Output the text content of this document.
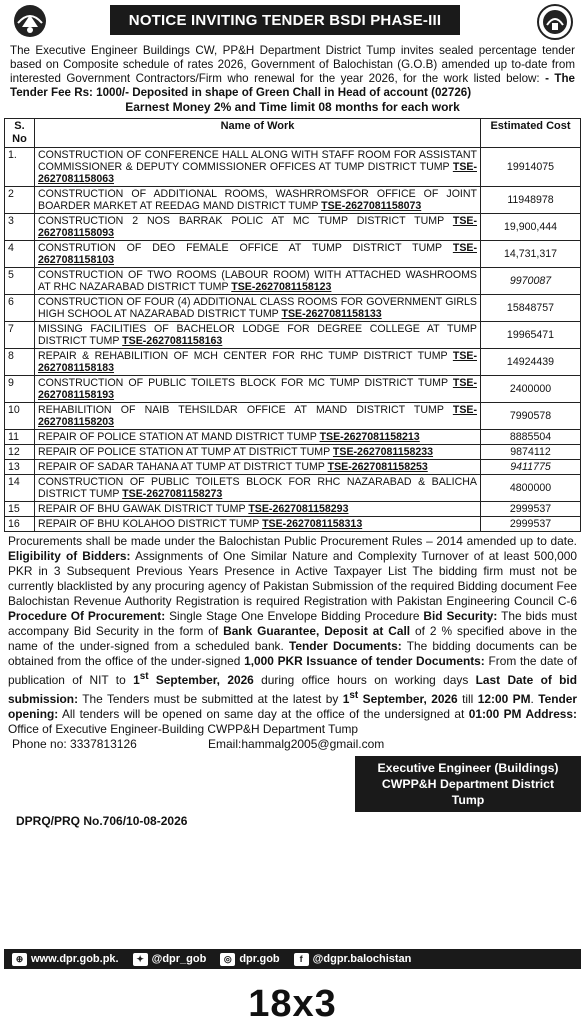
NOTICE INVITING TENDER BSDI PHASE-III
The Executive Engineer Buildings CW, PP&H Department District Tump invites sealed percentage tender based on Composite schedule of rates 2026, Government of Balochistan (G.O.B) amended up to-date from interested Government Contractors/Firm who renewal for the year 2026, for the work listed below: - The Tender Fee Rs: 1000/- Deposited in shape of Green Chall in Head of account (02726)
Earnest Money 2% and Time limit 08 months for each work
S. No	Name of Work	Estimated Cost
1.	CONSTRUCTION OF CONFERENCE HALL ALONG WITH STAFF ROOM FOR ASSISTANT COMMISSIONER & DEPUTY COMMISSIONER OFFICES AT TUMP DISTRICT TUMP TSE-2627081158063	19914075
2	CONSTRUCTION OF ADDITIONAL ROOMS, WASHRROMSFOR OFFICE OF JOINT BOARDER MARKET AT REEDAG MAND DISTRICT TUMP TSE-2627081158073	11948978
3	CONSTRUCTION 2 NOS BARRAK POLIC AT MC TUMP DISTRICT TUMP TSE-2627081158093	19,900,444
4	CONSTRUTION OF DEO FEMALE OFFICE AT TUMP DISTRICT TUMP TSE-2627081158103	14,731,317
5	CONSTRUCTION OF TWO ROOMS (LABOUR ROOM) WITH ATTACHED WASHROOMS AT RHC NAZARABAD DISTRICT TUMP TSE-2627081158123	9970087
6	CONSTRUCTION OF FOUR (4) ADDITIONAL CLASS ROOMS FOR GOVERNMENT GIRLS HIGH SCHOOL AT NAZARABAD DISTRICT TUMP TSE-2627081158133	15848757
7	MISSING FACILITIES OF BACHELOR LODGE FOR DEGREE COLLEGE AT TUMP DISTRICT TUMP TSE-2627081158163	19965471
8	REPAIR & REHABILITION OF MCH CENTER FOR RHC TUMP DISTRICT TUMP TSE-2627081158183	14924439
9	CONSTRUCTION OF PUBLIC TOILETS BLOCK FOR MC TUMP DISTRICT TUMP TSE-2627081158193	2400000
10	REHABILITION OF NAIB TEHSILDAR OFFICE AT MAND DISTRICT TUMP TSE-2627081158203	7990578
11	REPAIR OF POLICE STATION AT MAND DISTRICT TUMP TSE-2627081158213	8885504
12	REPAIR OF POLICE STATION AT TUMP AT DISTRICT TUMP TSE-2627081158233	9874112
13	REPAIR OF SADAR TAHANA AT TUMP AT DISTRICT TUMP TSE-2627081158253	9411775
14	CONSTRUCTION OF PUBLIC TOILETS BLOCK FOR RHC NAZARABAD & BALICHA DISTRICT TUMP TSE-2627081158273	4800000
15	REPAIR OF BHU GAWAK DISTRICT TUMP TSE-2627081158293	2999537
16	REPAIR OF BHU KOLAHOO DISTRICT TUMP TSE-2627081158313	2999537
Procurements shall be made under the Balochistan Public Procurement Rules – 2014 amended up to date. Eligibility of Bidders: Assignments of One Similar Nature and Complexity Turnover of at least 500,000 PKR in 3 Subsequent Previous Years Presence in Active Taxpayer List The bidding firm must not be currently blacklisted by any procuring agency of Pakistan Submission of the required Bidding document Fee Balochistan Revenue Authority Registration is required Registration with Pakistan Engineering Council C-6 Procedure Of Procurement: Single Stage One Envelope Bidding Procedure Bid Security: The bids must accompany Bid Security in the form of Bank Guarantee, Deposit at Call of 2 % specified above in the name of the under-signed from a scheduled bank. Tender Documents: The bidding documents can be obtained from the office of the under-signed 1,000 PKR Issuance of tender Documents: From the date of publication of NIT to 1st September, 2026 during office hours on working days Last Date of bid submission: The Tenders must be submitted at the latest by 1st September, 2026 till 12:00 PM. Tender opening: All tenders will be opened on same day at the office of the undersigned at 01:00 PM Address: Office of Executive Engineer-Building CWPP&H Department Tump
Phone no: 3337813126	Email:hammalg2005@gmail.com
Executive Engineer (Buildings)
CWPP&H Department District
Tump
DPRQ/PRQ No.706/10-08-2026
⊕ www.dpr.gob.pk.	✦ @dpr_gob	◎ dpr.gob	f @dgpr.balochistan
18x3
